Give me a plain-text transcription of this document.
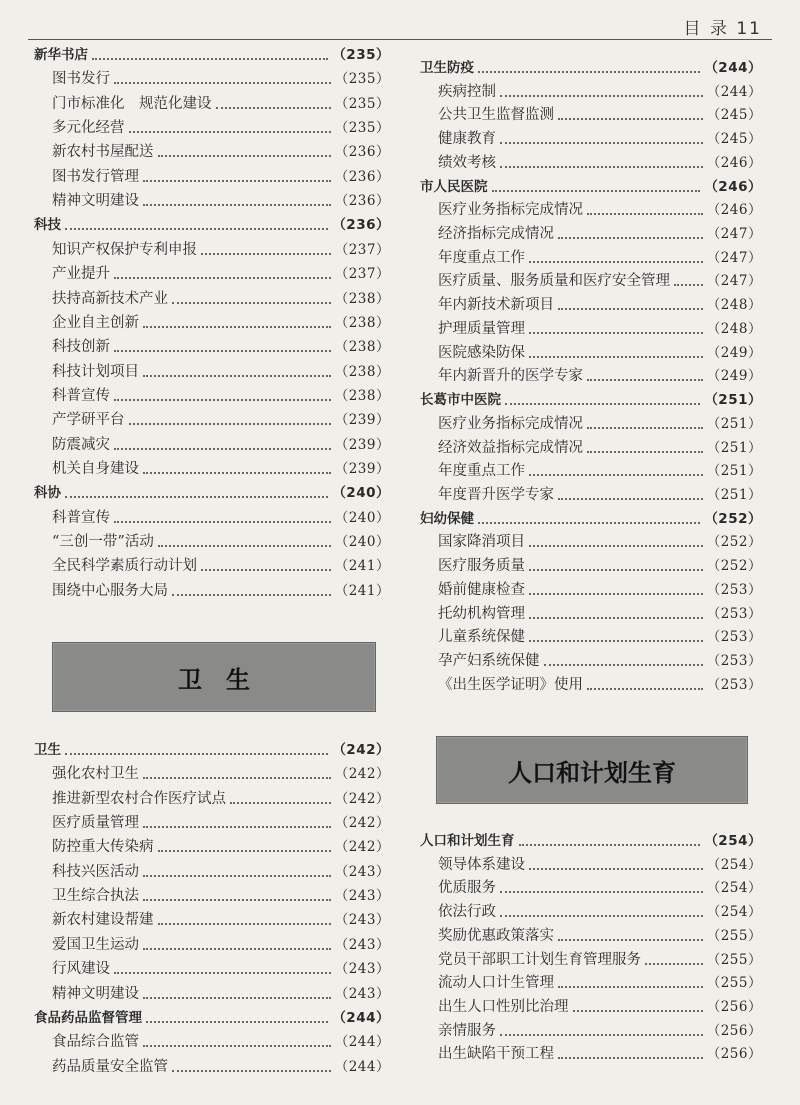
目 录 11
新华书店	（235）
图书发行	（235）
门市标准化　规范化建设	（235）
多元化经营	（235）
新农村书屋配送	（236）
图书发行管理	（236）
精神文明建设	（236）
科技	（236）
知识产权保护专利申报	（237）
产业提升	（237）
扶持高新技术产业	（238）
企业自主创新	（238）
科技创新	（238）
科技计划项目	（238）
科普宣传	（238）
产学研平台	（239）
防震减灾	（239）
机关自身建设	（239）
科协	（240）
科普宣传	（240）
“三创一带”活动	（240）
全民科学素质行动计划	（241）
围绕中心服务大局	（241）
卫生	（242）
强化农村卫生	（242）
推进新型农村合作医疗试点	（242）
医疗质量管理	（242）
防控重大传染病	（242）
科技兴医活动	（243）
卫生综合执法	（243）
新农村建设帮建	（243）
爱国卫生运动	（243）
行风建设	（243）
精神文明建设	（243）
食品药品监督管理	（244）
食品综合监管	（244）
药品质量安全监管	（244）
卫生防疫	（244）
疾病控制	（244）
公共卫生监督监测	（245）
健康教育	（245）
绩效考核	（246）
市人民医院	（246）
医疗业务指标完成情况	（246）
经济指标完成情况	（247）
年度重点工作	（247）
医疗质量、服务质量和医疗安全管理	（247）
年内新技术新项目	（248）
护理质量管理	（248）
医院感染防保	（249）
年内新晋升的医学专家	（249）
长葛市中医院	（251）
医疗业务指标完成情况	（251）
经济效益指标完成情况	（251）
年度重点工作	（251）
年度晋升医学专家	（251）
妇幼保健	（252）
国家降消项目	（252）
医疗服务质量	（252）
婚前健康检查	（253）
托幼机构管理	（253）
儿童系统保健	（253）
孕产妇系统保健	（253）
《出生医学证明》使用	（253）
人口和计划生育	（254）
领导体系建设	（254）
优质服务	（254）
依法行政	（254）
奖励优惠政策落实	（255）
党员干部职工计划生育管理服务	（255）
流动人口计生管理	（255）
出生人口性别比治理	（256）
亲情服务	（256）
出生缺陷干预工程	（256）
卫　生
人口和计划生育
